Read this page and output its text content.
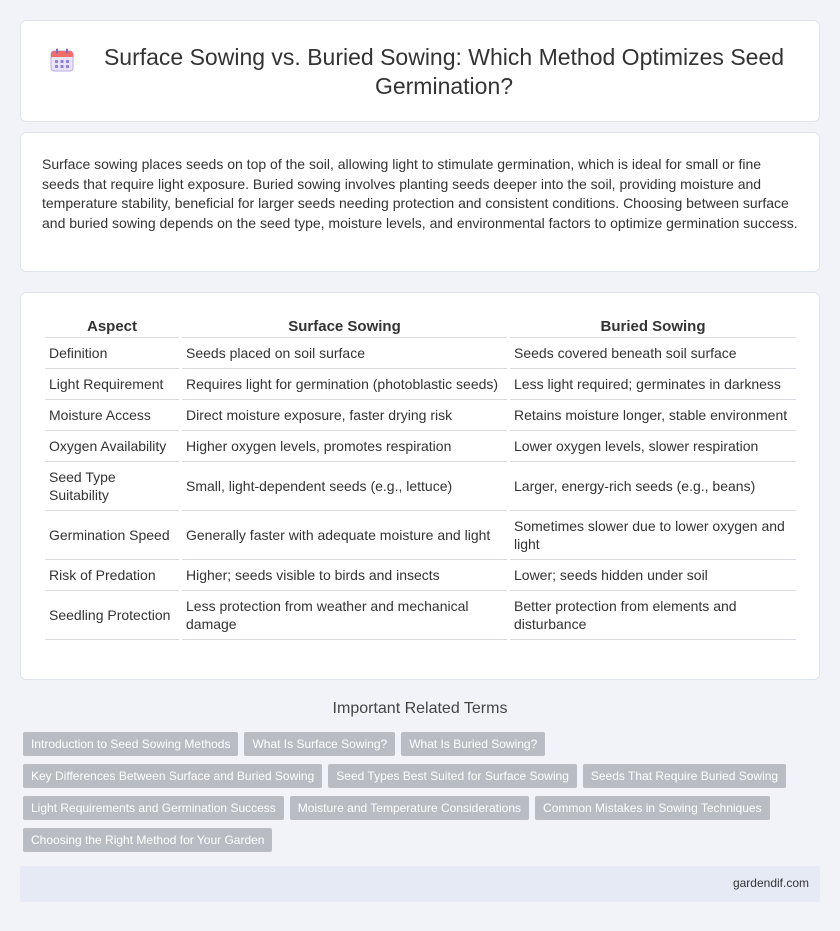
Surface Sowing vs. Buried Sowing: Which Method Optimizes Seed Germination?

Surface sowing places seeds on top of the soil, allowing light to stimulate germination, which is ideal for small or fine seeds that require light exposure. Buried sowing involves planting seeds deeper into the soil, providing moisture and temperature stability, beneficial for larger seeds needing protection and consistent conditions. Choosing between surface and buried sowing depends on the seed type, moisture levels, and environmental factors to optimize germination success.

Aspect	Surface Sowing	Buried Sowing
Definition	Seeds placed on soil surface	Seeds covered beneath soil surface
Light Requirement	Requires light for germination (photoblastic seeds)	Less light required; germinates in darkness
Moisture Access	Direct moisture exposure, faster drying risk	Retains moisture longer, stable environment
Oxygen Availability	Higher oxygen levels, promotes respiration	Lower oxygen levels, slower respiration
Seed Type Suitability	Small, light-dependent seeds (e.g., lettuce)	Larger, energy-rich seeds (e.g., beans)
Germination Speed	Generally faster with adequate moisture and light	Sometimes slower due to lower oxygen and light
Risk of Predation	Higher; seeds visible to birds and insects	Lower; seeds hidden under soil
Seedling Protection	Less protection from weather and mechanical damage	Better protection from elements and disturbance
Important Related Terms
Introduction to Seed Sowing Methods	What Is Surface Sowing?	What Is Buried Sowing?
Key Differences Between Surface and Buried Sowing	Seed Types Best Suited for Surface Sowing	Seeds That Require Buried Sowing
Light Requirements and Germination Success	Moisture and Temperature Considerations	Common Mistakes in Sowing Techniques
Choosing the Right Method for Your Garden
gardendif.com
